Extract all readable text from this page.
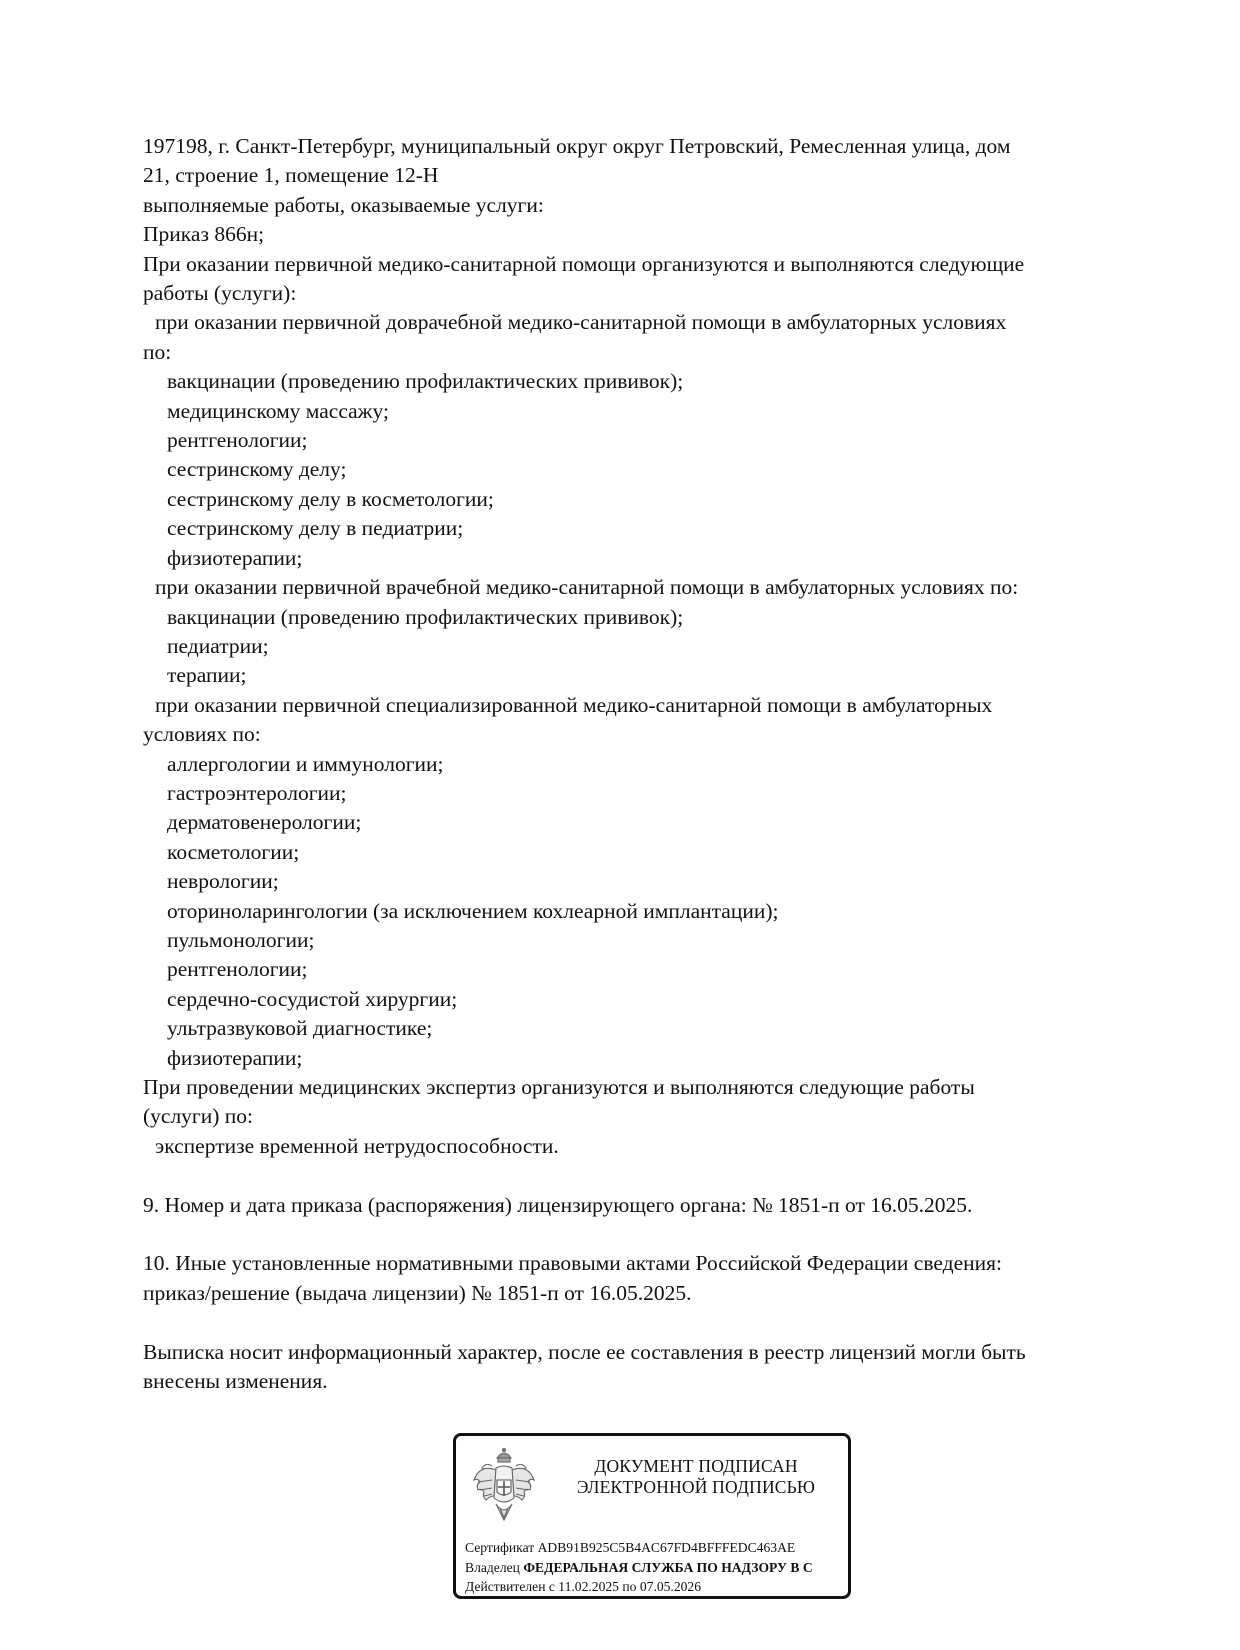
197198, г. Санкт-Петербург, муниципальный округ округ Петровский, Ремесленная улица, дом
21, строение 1, помещение 12-Н
выполняемые работы, оказываемые услуги:
Приказ 866н;
При оказании первичной медико-санитарной помощи организуются и выполняются следующие
работы (услуги):
при оказании первичной доврачебной медико-санитарной помощи в амбулаторных условиях
по:
вакцинации (проведению профилактических прививок);
медицинскому массажу;
рентгенологии;
сестринскому делу;
сестринскому делу в косметологии;
сестринскому делу в педиатрии;
физиотерапии;
при оказании первичной врачебной медико-санитарной помощи в амбулаторных условиях по:
вакцинации (проведению профилактических прививок);
педиатрии;
терапии;
при оказании первичной специализированной медико-санитарной помощи в амбулаторных
условиях по:
аллергологии и иммунологии;
гастроэнтерологии;
дерматовенерологии;
косметологии;
неврологии;
оториноларингологии (за исключением кохлеарной имплантации);
пульмонологии;
рентгенологии;
сердечно-сосудистой хирургии;
ультразвуковой диагностике;
физиотерапии;
При проведении медицинских экспертиз организуются и выполняются следующие работы
(услуги) по:
экспертизе временной нетрудоспособности.
9. Номер и дата приказа (распоряжения) лицензирующего органа: № 1851-п от 16.05.2025.
10. Иные установленные нормативными правовыми актами Российской Федерации сведения:
приказ/решение (выдача лицензии) № 1851-п от 16.05.2025.
Выписка носит информационный характер, после ее составления в реестр лицензий могли быть
внесены изменения.
ДОКУМЕНТ ПОДПИСАН
ЭЛЕКТРОННОЙ ПОДПИСЬЮ
Сертификат ADB91B925C5B4AC67FD4BFFFEDC463AE
Владелец ФЕДЕРАЛЬНАЯ СЛУЖБА ПО НАДЗОРУ В С
Действителен с 11.02.2025 по 07.05.2026
